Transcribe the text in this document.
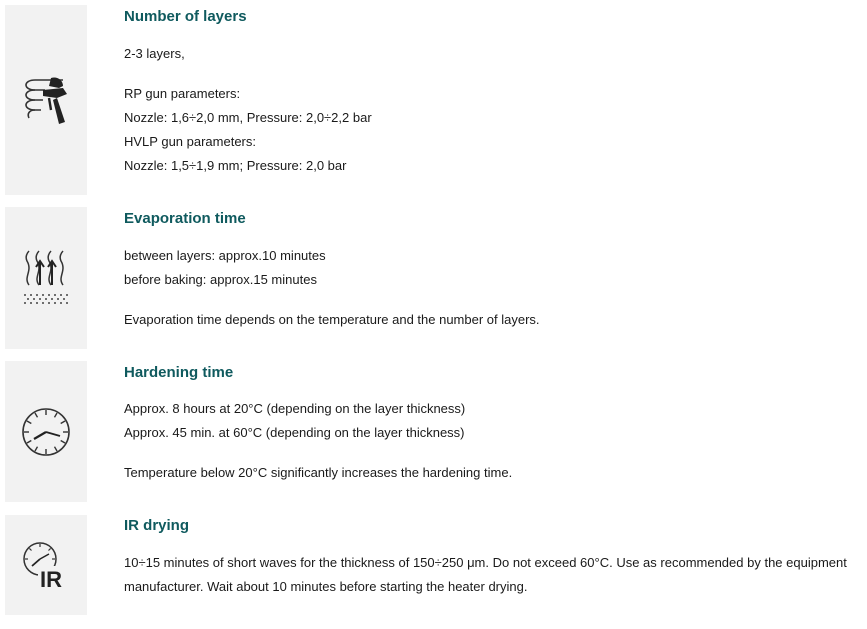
Number of layers

2-3 layers,

RP gun parameters:

Nozzle: 1,6÷2,0 mm, Pressure: 2,0÷2,2 bar

HVLP gun parameters:

Nozzle: 1,5÷1,9 mm; Pressure: 2,0 bar

Evaporation time

between layers: approx.10 minutes

before baking: approx.15 minutes

Evaporation time depends on the temperature and the number of layers.

Hardening time

Approx. 8 hours at 20°C (depending on the layer thickness)

Approx. 45 min. at 60°C (depending on the layer thickness)

Temperature below 20°C significantly increases the hardening time.

IR

IR drying

10÷15 minutes of short waves for the thickness of 150÷250 μm. Do not exceed 60°C. Use as recommended by the equipment manufacturer. Wait about 10 minutes before starting the heater drying.
